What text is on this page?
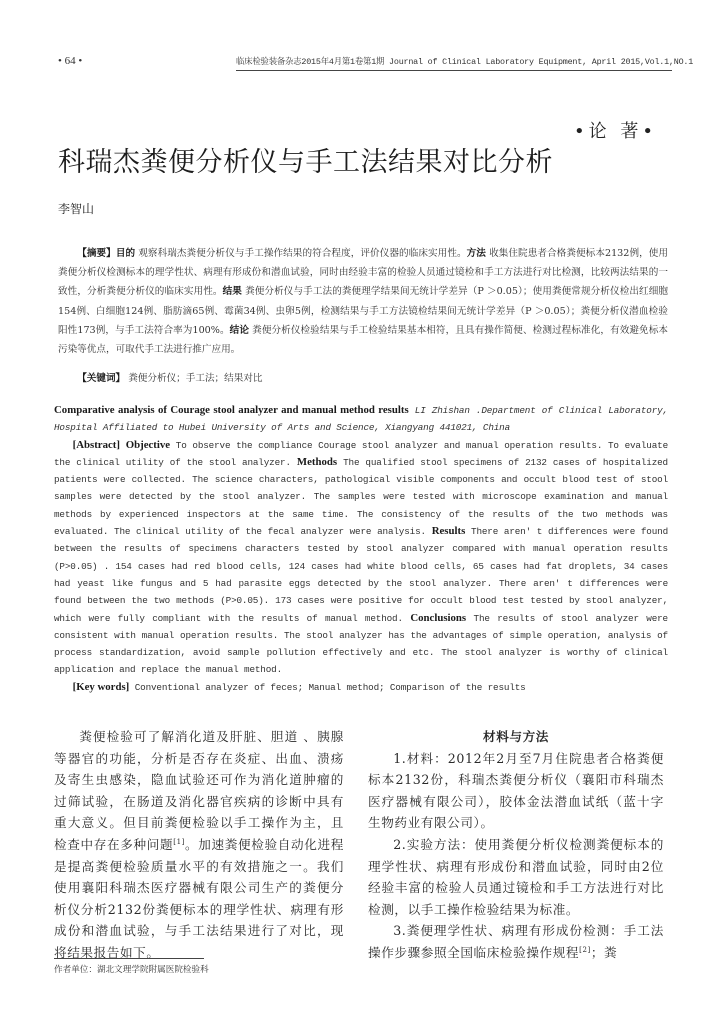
• 64 •	临床检验装备杂志2015年4月第1卷第1期 Journal of Clinical Laboratory Equipment, April 2015,Vol.1,NO.1
•论 著•
科瑞杰粪便分析仪与手工法结果对比分析
李智山
【摘要】目的 观察科瑞杰粪便分析仪与手工操作结果的符合程度，评价仪器的临床实用性。方法 收集住院患者合格粪便标本2132例，使用粪便分析仪检测标本的理学性状、病理有形成份和潜血试验，同时由经验丰富的检验人员通过镜检和手工方法进行对比检测，比较两法结果的一致性，分析粪便分析仪的临床实用性。结果 粪便分析仪与手工法的粪便理学结果间无统计学差异（P ＞0.05）；使用粪便常规分析仪检出红细胞154例、白细胞124例、脂肪滴65例、霉菌34例、虫卵5例，检测结果与手工方法镜检结果间无统计学差异（P ＞0.05）；粪便分析仪潜血检验阳性173例，与手工法符合率为100%。结论 粪便分析仪检验结果与手工检验结果基本相符，且具有操作简便、检测过程标准化，有效避免标本污染等优点，可取代手工法进行推广应用。
【关键词】 粪便分析仪；手工法；结果对比

Comparative analysis of Courage stool analyzer and manual method results LI Zhishan .Department of Clinical Laboratory, Hospital Affiliated to Hubei University of Arts and Science, Xiangyang 441021, China

[Abstract] Objective To observe the compliance Courage stool analyzer and manual operation results. To evaluate the clinical utility of the stool analyzer. Methods The qualified stool specimens of 2132 cases of hospitalized patients were collected. The science characters, pathological visible components and occult blood test of stool samples were detected by the stool analyzer. The samples were tested with microscope examination and manual methods by experienced inspectors at the same time. The consistency of the results of the two methods was evaluated. The clinical utility of the fecal analyzer were analysis. Results There aren' t differences were found between the results of specimens characters tested by stool analyzer compared with manual operation results (P>0.05) . 154 cases had red blood cells, 124 cases had white blood cells, 65 cases had fat droplets, 34 cases had yeast like fungus and 5 had parasite eggs detected by the stool analyzer. There aren' t differences were found between the two methods (P>0.05). 173 cases were positive for occult blood test tested by stool analyzer, which were fully compliant with the results of manual method. Conclusions The results of stool analyzer were consistent with manual operation results. The stool analyzer has the advantages of simple operation, analysis of process standardization, avoid sample pollution effectively and etc. The stool analyzer is worthy of clinical application and replace the manual method.

[Key words] Conventional analyzer of feces; Manual method; Comparison of the results

粪便检验可了解消化道及肝脏、胆道 、胰腺等器官的功能，分析是否存在炎症、出血、溃疡及寄生虫感染，隐血试验还可作为消化道肿瘤的过筛试验，在肠道及消化器官疾病的诊断中具有重大意义。但目前粪便检验以手工操作为主，且检查中存在多种问题[1]。加速粪便检验自动化进程是提高粪便检验质量水平的有效措施之一。我们使用襄阳科瑞杰医疗器械有限公司生产的粪便分析仪分析2132份粪便标本的理学性状、病理有形成份和潜血试验，与手工法结果进行了对比，现将结果报告如下。

材料与方法

1.材料：2012年2月至7月住院患者合格粪便标本2132份，科瑞杰粪便分析仪（襄阳市科瑞杰医疗器械有限公司），胶体金法潜血试纸（蓝十字生物药业有限公司）。

2.实验方法：使用粪便分析仪检测粪便标本的理学性状、病理有形成份和潜血试验，同时由2位经验丰富的检验人员通过镜检和手工方法进行对比检测，以手工操作检验结果为标准。

3.粪便理学性状、病理有形成份检测：手工法操作步骤参照全国临床检验操作规程[2]；粪

作者单位：湖北文理学院附属医院检验科
